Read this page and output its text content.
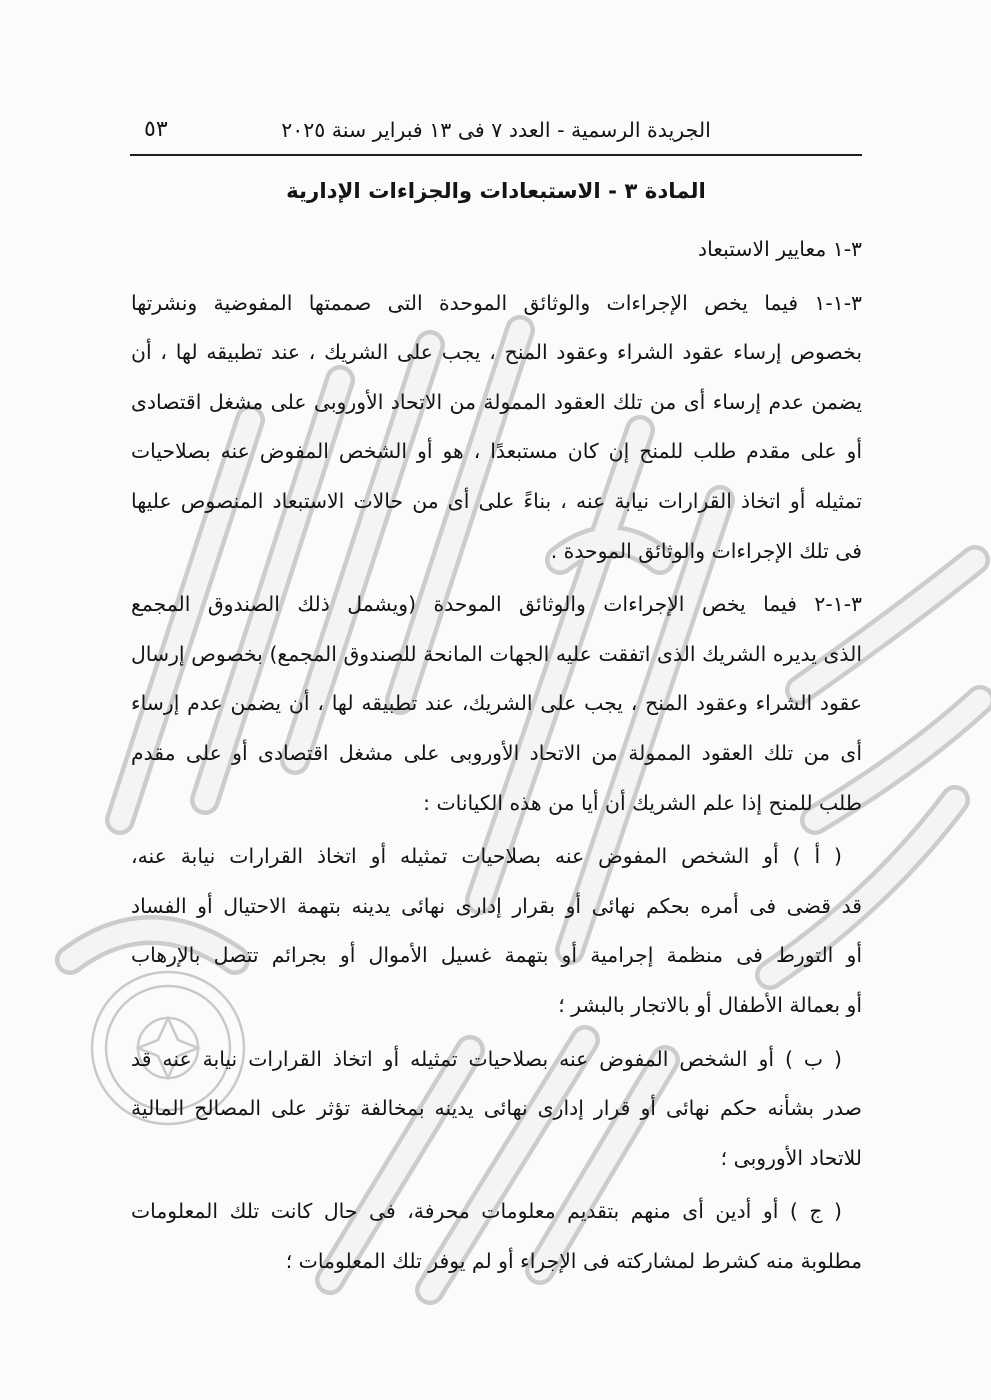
الجريدة الرسمية - العدد ٧ فى ١٣ فبراير سنة ٢٠٢٥
٥٣
المادة ٣ - الاستبعادات والجزاءات الإدارية
٣-١ معايير الاستبعاد
٣-١-١ فيما يخص الإجراءات والوثائق الموحدة التى صممتها المفوضية ونشرتها
بخصوص إرساء عقود الشراء وعقود المنح ، يجب على الشريك ، عند تطبيقه لها ، أن
يضمن عدم إرساء أى من تلك العقود الممولة من الاتحاد الأوروبى على مشغل اقتصادى
أو على مقدم طلب للمنح إن كان مستبعدًا ، هو أو الشخص المفوض عنه بصلاحيات
تمثيله أو اتخاذ القرارات نيابة عنه ، بناءً على أى من حالات الاستبعاد المنصوص عليها
فى تلك الإجراءات والوثائق الموحدة .
٣-١-٢ فيما يخص الإجراءات والوثائق الموحدة (ويشمل ذلك الصندوق المجمع
الذى يديره الشريك الذى اتفقت عليه الجهات المانحة للصندوق المجمع) بخصوص إرسال
عقود الشراء وعقود المنح ، يجب على الشريك، عند تطبيقه لها ، أن يضمن عدم إرساء
أى من تلك العقود الممولة من الاتحاد الأوروبى على مشغل اقتصادى أو على مقدم
طلب للمنح إذا علم الشريك أن أيا من هذه الكيانات :
( أ ) أو الشخص المفوض عنه بصلاحيات تمثيله أو اتخاذ القرارات نيابة عنه،
قد قضى فى أمره بحكم نهائى أو بقرار إدارى نهائى يدينه بتهمة الاحتيال أو الفساد
أو التورط فى منظمة إجرامية أو بتهمة غسيل الأموال أو بجرائم تتصل بالإرهاب
أو بعمالة الأطفال أو بالاتجار بالبشر ؛
( ب ) أو الشخص المفوض عنه بصلاحيات تمثيله أو اتخاذ القرارات نيابة عنه قد
صدر بشأنه حكم نهائى أو قرار إدارى نهائى يدينه بمخالفة تؤثر على المصالح المالية
للاتحاد الأوروبى ؛
( ج ) أو أدين أى منهم بتقديم معلومات محرفة، فى حال كانت تلك المعلومات
مطلوبة منه كشرط لمشاركته فى الإجراء أو لم يوفر تلك المعلومات ؛
